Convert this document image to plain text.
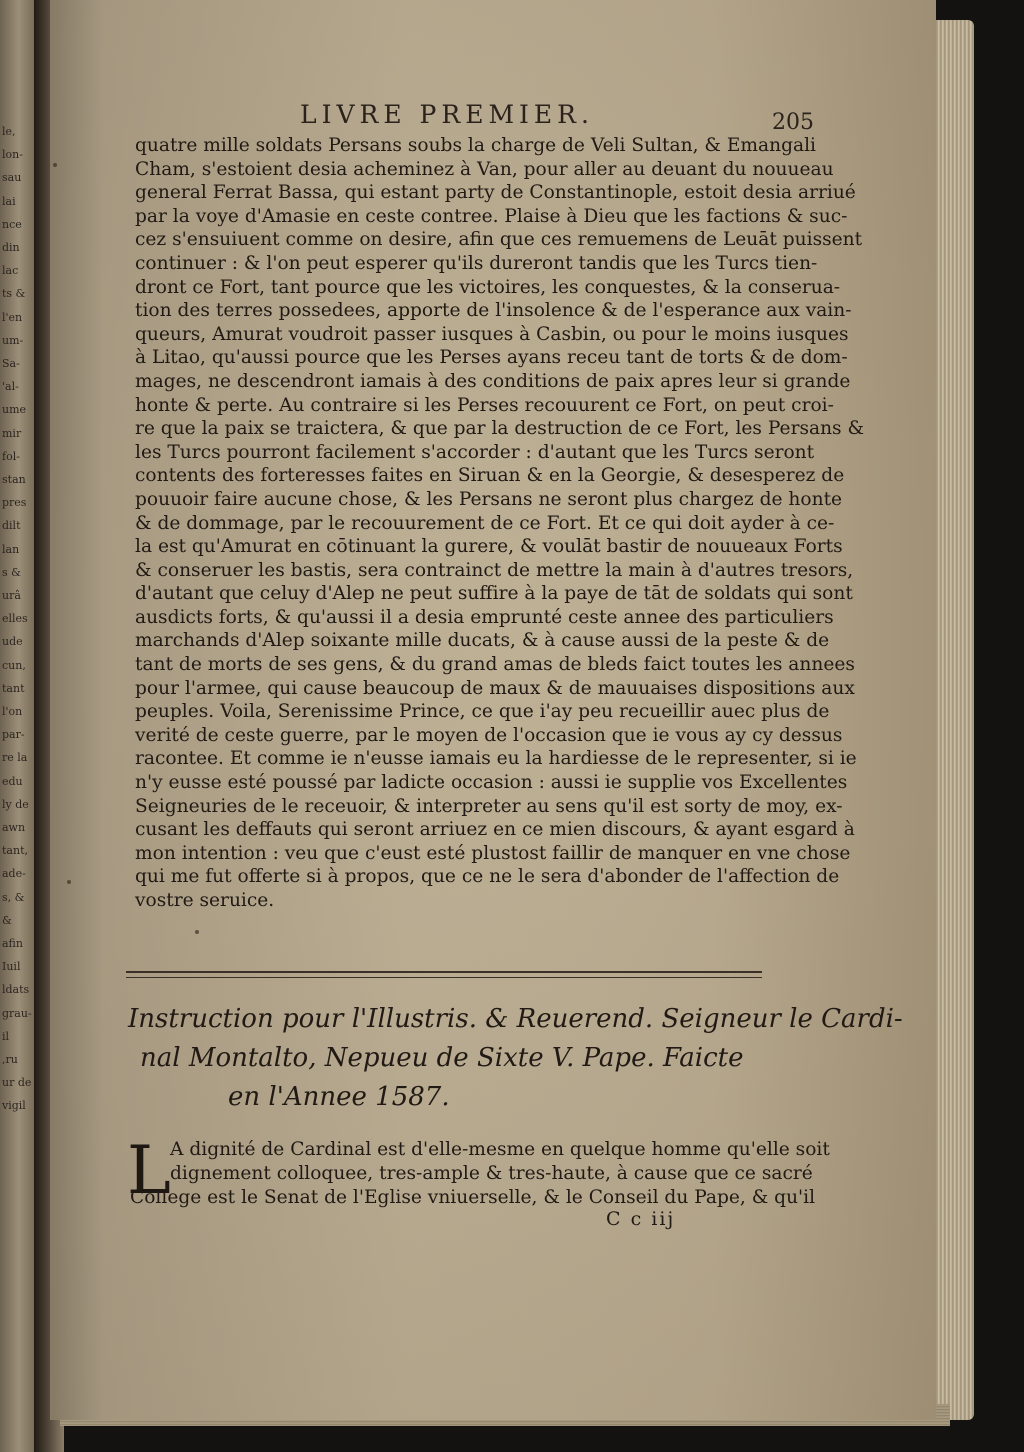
le,
lon-
sau
lai
nce
din
lac
ts &
l'en
um-
Sa-
'al-
ume
mir
fol-
stan
pres
dilt
lan
s &
urâ
elles
ude
cun,
tant
l'on
par-
re la
edu
ly de
awn
tant,
ade-
s, &
&
afin
Iuil
ldats
grau-
il
,ru
ur de
vigil
LIVRE PREMIER.	205
quatre mille soldats Persans soubs la charge de Veli Sultan, & Emangali
Cham, s'estoient desia acheminez à Van, pour aller au deuant du nouueau
general Ferrat Bassa, qui estant party de Constantinople, estoit desia arriué
par la voye d'Amasie en ceste contree. Plaise à Dieu que les factions & suc-
cez s'ensuiuent comme on desire, afin que ces remuemens de Leuāt puissent
continuer : & l'on peut esperer qu'ils dureront tandis que les Turcs tien-
dront ce Fort, tant pource que les victoires, les conquestes, & la conserua-
tion des terres possedees, apporte de l'insolence & de l'esperance aux vain-
queurs, Amurat voudroit passer iusques à Casbin, ou pour le moins iusques
à Litao, qu'aussi pource que les Perses ayans receu tant de torts & de dom-
mages, ne descendront iamais à des conditions de paix apres leur si grande
honte & perte. Au contraire si les Perses recouurent ce Fort, on peut croi-
re que la paix se traictera, & que par la destruction de ce Fort, les Persans &
les Turcs pourront facilement s'accorder : d'autant que les Turcs seront
contents des forteresses faites en Siruan & en la Georgie, & desesperez de
pouuoir faire aucune chose, & les Persans ne seront plus chargez de honte
& de dommage, par le recouurement de ce Fort. Et ce qui doit ayder à ce-
la est qu'Amurat en cōtinuant la gurere, & voulāt bastir de nouueaux Forts
& conseruer les bastis, sera contrainct de mettre la main à d'autres tresors,
d'autant que celuy d'Alep ne peut suffire à la paye de tāt de soldats qui sont
ausdicts forts, & qu'aussi il a desia emprunté ceste annee des particuliers
marchands d'Alep soixante mille ducats, & à cause aussi de la peste & de
tant de morts de ses gens, & du grand amas de bleds faict toutes les annees
pour l'armee, qui cause beaucoup de maux & de mauuaises dispositions aux
peuples. Voila, Serenissime Prince, ce que i'ay peu recueillir auec plus de
verité de ceste guerre, par le moyen de l'occasion que ie vous ay cy dessus
racontee. Et comme ie n'eusse iamais eu la hardiesse de le representer, si ie
n'y eusse esté poussé par ladicte occasion : aussi ie supplie vos Excellentes
Seigneuries de le receuoir, & interpreter au sens qu'il est sorty de moy, ex-
cusant les deffauts qui seront arriuez en ce mien discours, & ayant esgard à
mon intention : veu que c'eust esté plustost faillir de manquer en vne chose
qui me fut offerte si à propos, que ce ne le sera d'abonder de l'affection de
vostre seruice.
Instruction pour l'Illustris. & Reuerend. Seigneur le Cardi-
nal Montalto, Nepueu de Sixte V. Pape. Faicte
en l'Annee 1587.
L A dignité de Cardinal est d'elle-mesme en quelque homme qu'elle soit
dignement colloquee, tres-ample & tres-haute, à cause que ce sacré
College est le Senat de l'Eglise vniuerselle, & le Conseil du Pape, & qu'il
C c iij
